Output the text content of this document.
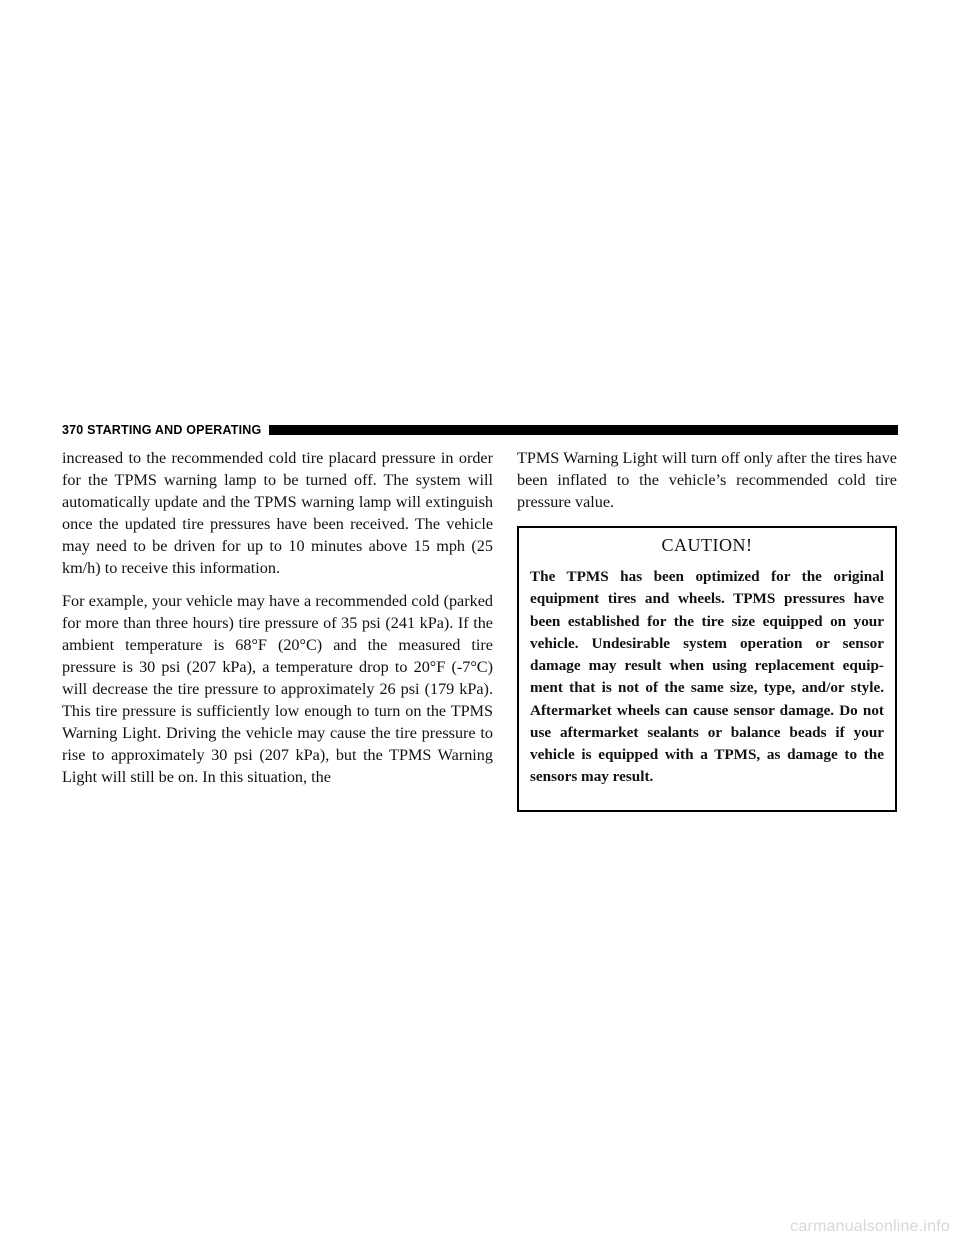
370 STARTING AND OPERATING

increased to the recommended cold tire placard pressure in order for the TPMS warning lamp to be turned off. The system will automatically update and the TPMS warning lamp will extinguish once the updated tire pressures have been received. The vehicle may need to be driven for up to 10 minutes above 15 mph (25 km/h) to receive this information.

For example, your vehicle may have a recommended cold (parked for more than three hours) tire pressure of 35 psi (241 kPa). If the ambient temperature is 68°F (20°C) and the measured tire pressure is 30 psi (207 kPa), a temperature drop to 20°F (-7°C) will decrease the tire pressure to approximately 26 psi (179 kPa). This tire pressure is sufficiently low enough to turn on the TPMS Warning Light. Driving the vehicle may cause the tire pressure to rise to approximately 30 psi (207 kPa), but the TPMS Warning Light will still be on. In this situation, the

TPMS Warning Light will turn off only after the tires have been inflated to the vehicle’s recommended cold tire pressure value.

CAUTION!

The TPMS has been optimized for the original equipment tires and wheels. TPMS pressures have been established for the tire size equipped on your vehicle. Undesirable system operation or sensor damage may result when using replacement equip- ment that is not of the same size, type, and/or style. Aftermarket wheels can cause sensor damage. Do not use aftermarket sealants or balance beads if your vehicle is equipped with a TPMS, as damage to the sensors may result.

carmanualsonline.info
